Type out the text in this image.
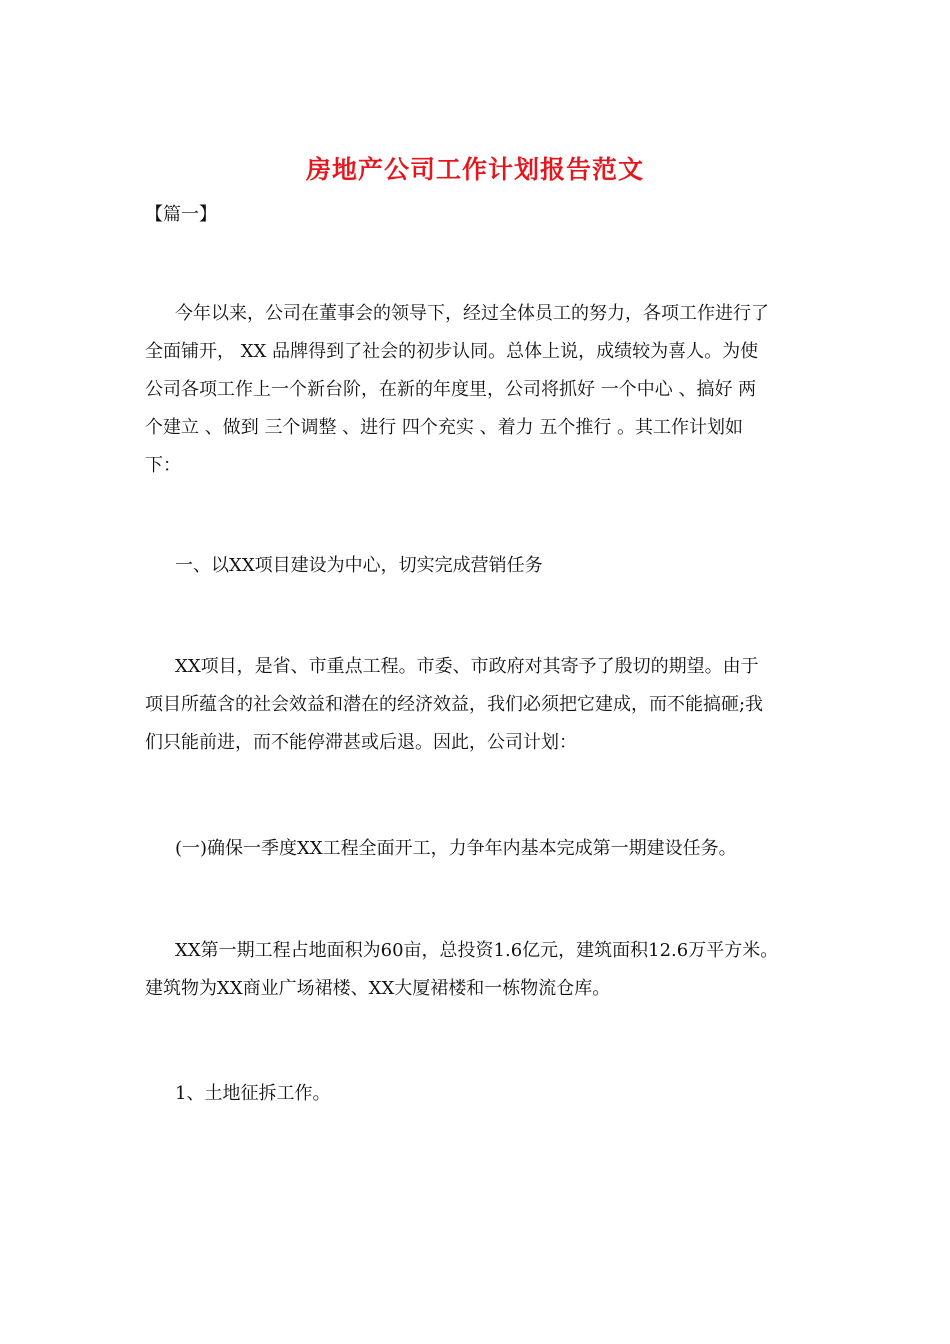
房地产公司工作计划报告范文
【篇一】
今年以来，公司在董事会的领导下，经过全体员工的努力，各项工作进行了
全面铺开， XX 品牌得到了社会的初步认同。总体上说，成绩较为喜人。为使
公司各项工作上一个新台阶，在新的年度里，公司将抓好 一个中心 、搞好 两
个建立 、做到 三个调整 、进行 四个充实 、着力 五个推行 。其工作计划如
下：
一、以XX项目建设为中心，切实完成营销任务
XX项目，是省、市重点工程。市委、市政府对其寄予了殷切的期望。由于
项目所蕴含的社会效益和潜在的经济效益，我们必须把它建成，而不能搞砸;我
们只能前进，而不能停滞甚或后退。因此，公司计划：
(一)确保一季度XX工程全面开工，力争年内基本完成第一期建设任务。
XX第一期工程占地面积为60亩，总投资1.6亿元，建筑面积12.6万平方米。
建筑物为XX商业广场裙楼、XX大厦裙楼和一栋物流仓库。
1、土地征拆工作。
